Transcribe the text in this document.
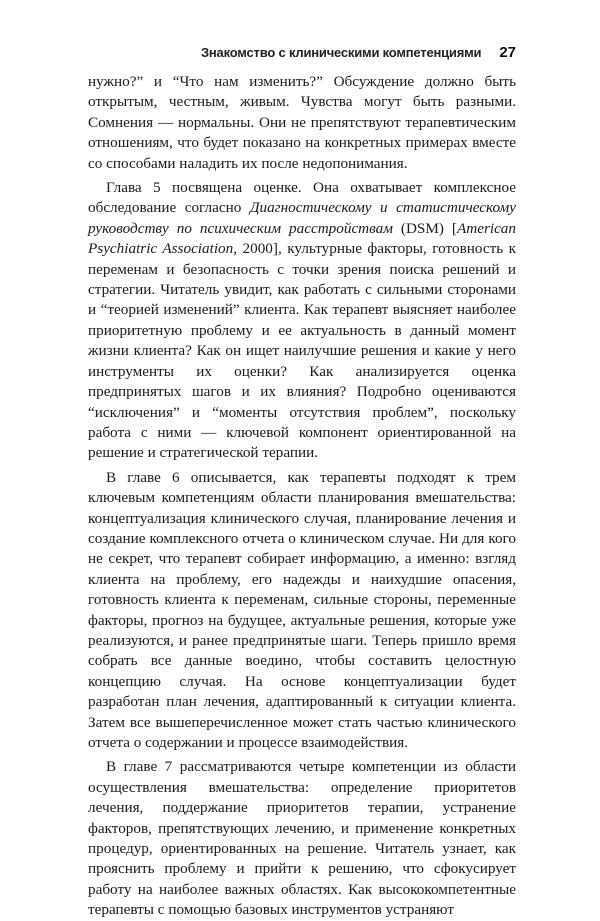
Знакомство с клиническими компетенциями 27

нужно?” и “Что нам изменить?” Обсуждение должно быть открытым, честным, живым. Чувства могут быть разными. Сомнения — нормальны. Они не препятствуют терапевтическим отношениям, что будет показано на конкретных примерах вместе со способами наладить их после недопонимания.

Глава 5 посвящена оценке. Она охватывает комплексное обследование согласно Диагностическому и статистическому руководству по психическим расстройствам (DSM) [American Psychiatric Association, 2000], культурные факторы, готовность к переменам и безопасность с точки зрения поиска решений и стратегии. Читатель увидит, как работать с сильными сторонами и “теорией изменений” клиента. Как терапевт выясняет наиболее приоритетную проблему и ее актуальность в данный момент жизни клиента? Как он ищет наилучшие решения и какие у него инструменты их оценки? Как анализируется оценка предпринятых шагов и их влияния? Подробно оцениваются “исключения” и “моменты отсутствия проблем”, поскольку работа с ними — ключевой компонент ориентированной на решение и стратегической терапии.

В главе 6 описывается, как терапевты подходят к трем ключевым компетенциям области планирования вмешательства: концептуализация клинического случая, планирование лечения и создание комплексного отчета о клиническом случае. Ни для кого не секрет, что терапевт собирает информацию, а именно: взгляд клиента на проблему, его надежды и наихудшие опасения, готовность клиента к переменам, сильные стороны, переменные факторы, прогноз на будущее, актуальные решения, которые уже реализуются, и ранее предпринятые шаги. Теперь пришло время собрать все данные воедино, чтобы составить целостную концепцию случая. На основе концептуализации будет разработан план лечения, адаптированный к ситуации клиента. Затем все вышеперечисленное может стать частью клинического отчета о содержании и процессе взаимодействия.

В главе 7 рассматриваются четыре компетенции из области осуществления вмешательства: определение приоритетов лечения, поддержание приоритетов терапии, устранение факторов, препятствующих лечению, и применение конкретных процедур, ориентированных на решение. Читатель узнает, как прояснить проблему и прийти к решению, что сфокусирует работу на наиболее важных областях. Как высококомпетентные терапевты с помощью базовых инструментов устраняют
